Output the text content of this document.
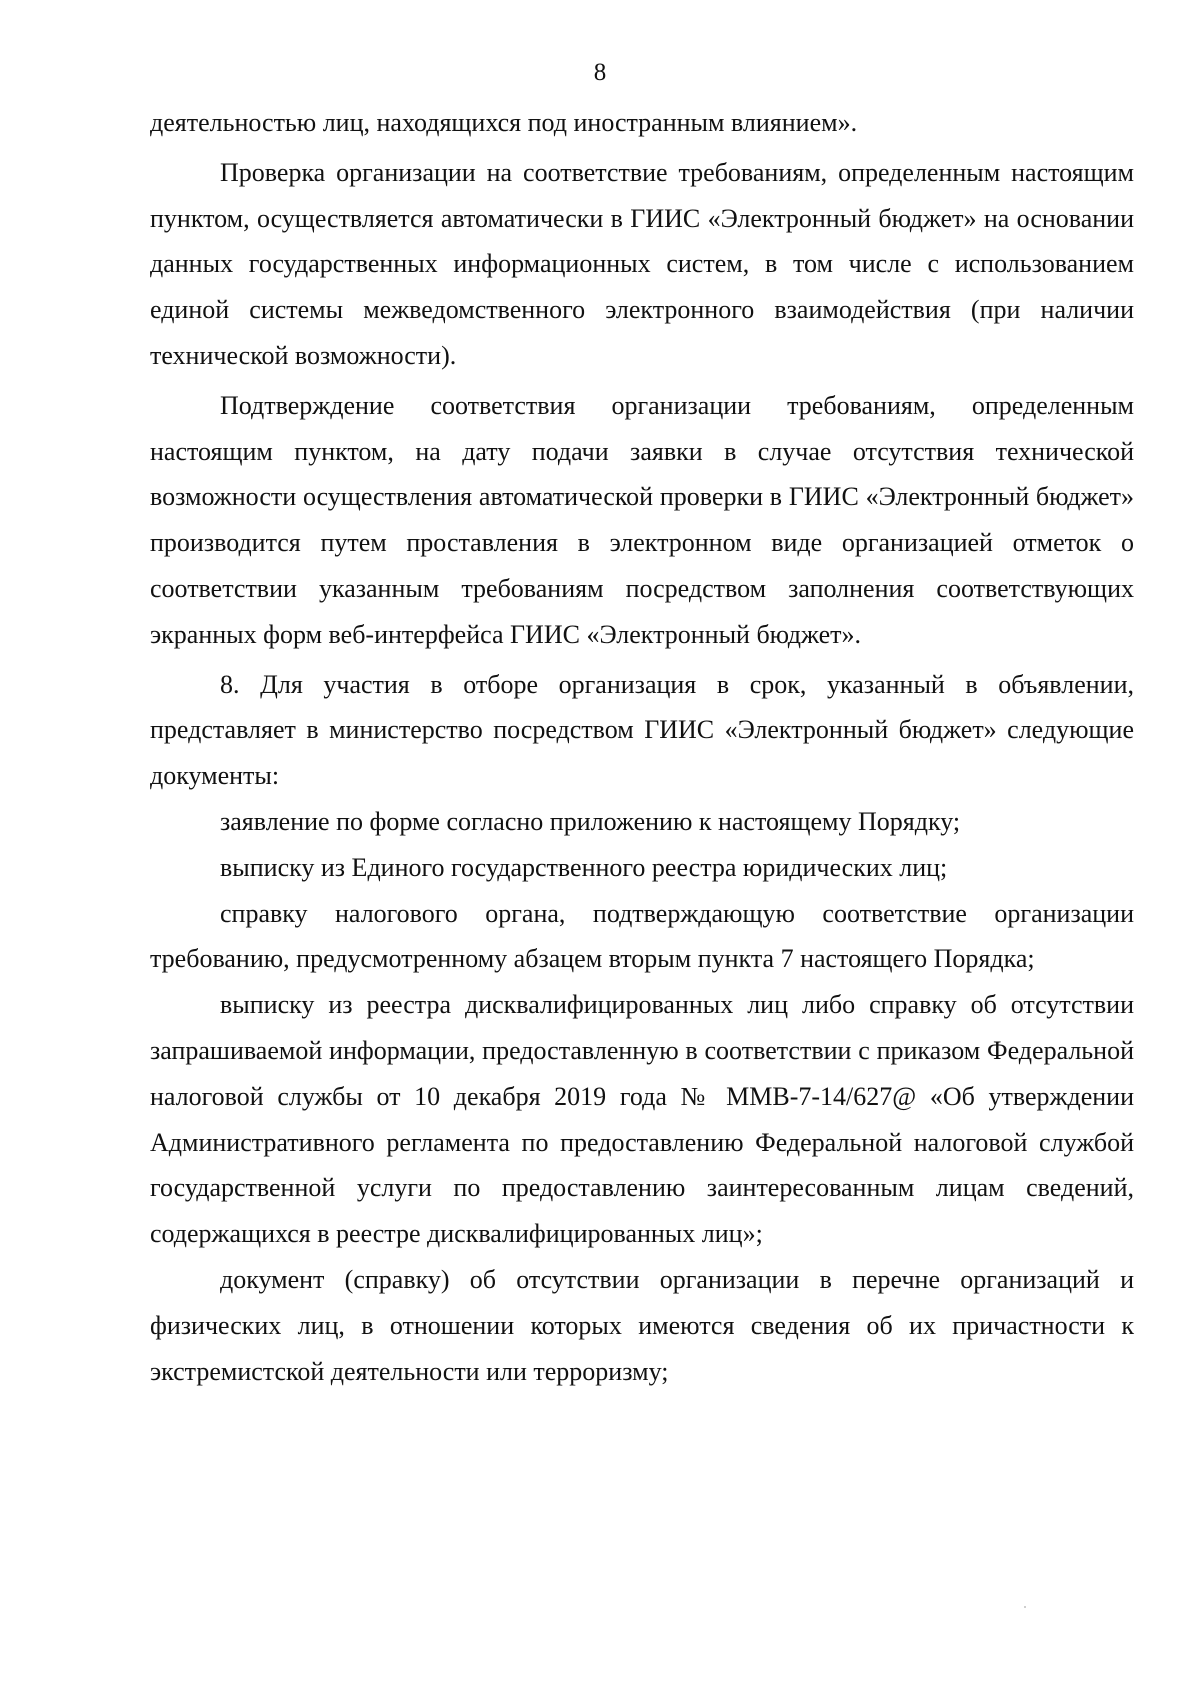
8

деятельностью лиц, находящихся под иностранным влиянием».

Проверка организации на соответствие требованиям, определенным настоящим пунктом, осуществляется автоматически в ГИИС «Электронный бюджет» на основании данных государственных информационных систем, в том числе с использованием единой системы межведомственного электронного взаимодействия (при наличии технической возможности).

Подтверждение соответствия организации требованиям, определенным настоящим пунктом, на дату подачи заявки в случае отсутствия технической возможности осуществления автоматической проверки в ГИИС «Электронный бюджет» производится путем проставления в электронном виде организацией отметок о соответствии указанным требованиям посредством заполнения соответствующих экранных форм веб-интерфейса ГИИС «Электронный бюджет».

8. Для участия в отборе организация в срок, указанный в объявлении, представляет в министерство посредством ГИИС «Электронный бюджет» следующие документы:

заявление по форме согласно приложению к настоящему Порядку;

выписку из Единого государственного реестра юридических лиц;

справку налогового органа, подтверждающую соответствие организации требованию, предусмотренному абзацем вторым пункта 7 настоящего Порядка;

выписку из реестра дисквалифицированных лиц либо справку об отсутствии запрашиваемой информации, предоставленную в соответствии с приказом Федеральной налоговой службы от 10 декабря 2019 года № ММВ-7-14/627@ «Об утверждении Административного регламента по предоставлению Федеральной налоговой службой государственной услуги по предоставлению заинтересованным лицам сведений, содержащихся в реестре дисквалифицированных лиц»;

документ (справку) об отсутствии организации в перечне организаций и физических лиц, в отношении которых имеются сведения об их причастности к экстремистской деятельности или терроризму;
